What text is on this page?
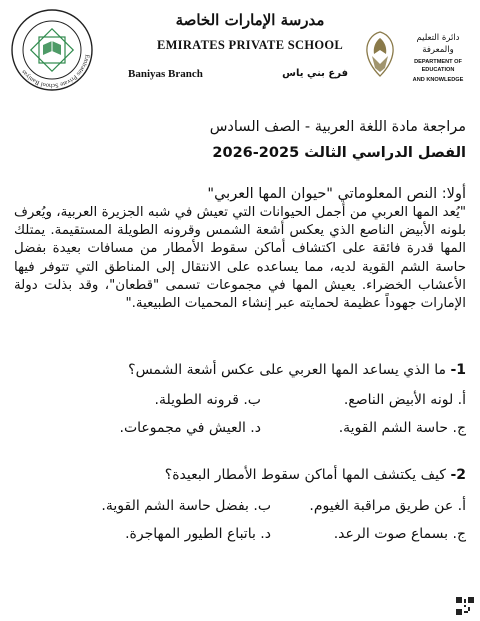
Emirates Private School Baniyas
مدرسة الإمارات الخاصة
EMIRATES PRIVATE SCHOOL
Baniyas Branch	فرع بني ياس
دائرة التعليم والمعرفة
DEPARTMENT OF EDUCATION
AND KNOWLEDGE
مراجعة مادة اللغة العربية - الصف السادس
الفصل الدراسي الثالث 2025-2026
أولا: النص المعلوماتي "حيوان المها العربي"
"يُعد المها العربي من أجمل الحيوانات التي تعيش في شبه الجزيرة العربية، ويُعرف بلونه الأبيض الناصع الذي يعكس أشعة الشمس وقرونه الطويلة المستقيمة. يمتلك المها قدرة فائقة على اكتشاف أماكن سقوط الأمطار من مسافات بعيدة بفضل حاسة الشم القوية لديه، مما يساعده على الانتقال إلى المناطق التي تتوفر فيها الأعشاب الخضراء. يعيش المها في مجموعات تسمى "قطعان"، وقد بذلت دولة الإمارات جهوداً عظيمة لحمايته عبر إنشاء المحميات الطبيعية."
1- ما الذي يساعد المها العربي على عكس أشعة الشمس؟
أ. لونه الأبيض الناصع.
ب. قرونه الطويلة.
ج. حاسة الشم القوية.
د. العيش في مجموعات.
2- كيف يكتشف المها أماكن سقوط الأمطار البعيدة؟
أ. عن طريق مراقبة الغيوم.
ب. بفضل حاسة الشم القوية.
ج. بسماع صوت الرعد.
د. باتباع الطيور المهاجرة.
